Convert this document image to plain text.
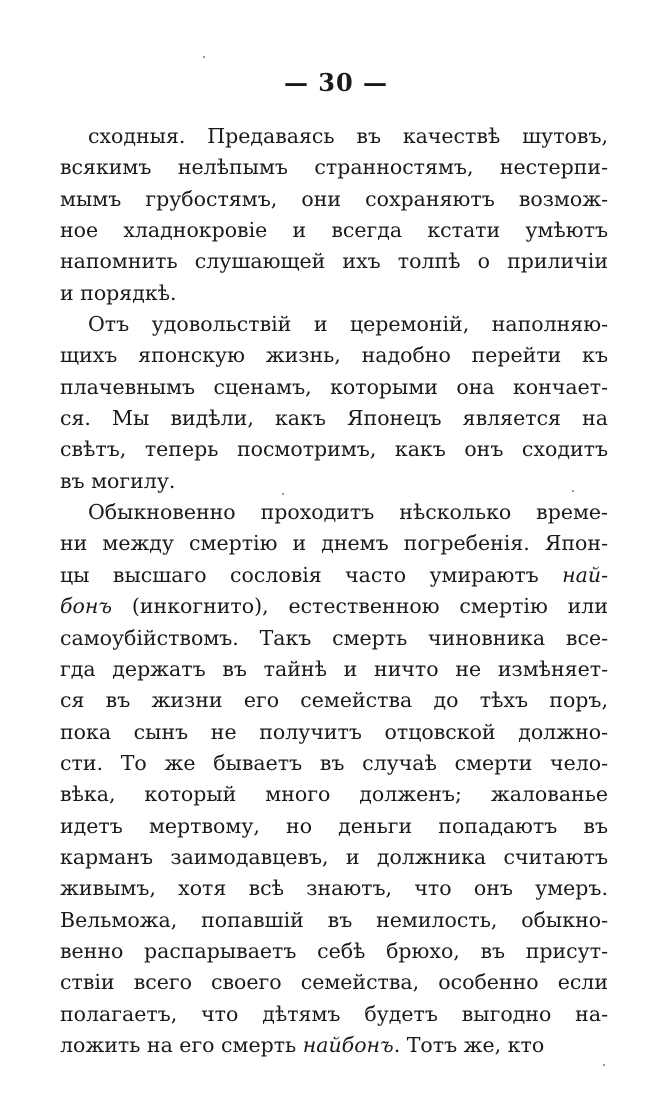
— 30 —
сходныя. Предаваясь въ качествѣ шутовъ,
всякимъ нелѣпымъ странностямъ, нестерпи-
мымъ грубостямъ, они сохраняютъ возмож-
ное хладнокровіе и всегда кстати умѣютъ
напомнить слушающей ихъ толпѣ о приличіи
и порядкѣ.
Отъ удовольствій и церемоній, наполняю-
щихъ японскую жизнь, надобно перейти къ
плачевнымъ сценамъ, которыми она кончает-
ся. Мы видѣли, какъ Японецъ является на
свѣтъ, теперь посмотримъ, какъ онъ сходитъ
въ могилу.
Обыкновенно проходитъ нѣсколько време-
ни между смертію и днемъ погребенія. Япон-
цы высшаго сословія часто умираютъ най-
бонъ (инкогнито), естественною смертію или
самоубійствомъ. Такъ смерть чиновника все-
гда держатъ въ тайнѣ и ничто не измѣняет-
ся въ жизни его семейства до тѣхъ поръ,
пока сынъ не получитъ отцовской должно-
сти. То же бываетъ въ случаѣ смерти чело-
вѣка, который много долженъ; жалованье
идетъ мертвому, но деньги попадаютъ въ
карманъ заимодавцевъ, и должника считаютъ
живымъ, хотя всѣ знаютъ, что онъ умеръ.
Вельможа, попавшій въ немилость, обыкно-
венно распарываетъ себѣ брюхо, въ присут-
ствіи всего своего семейства, особенно если
полагаетъ, что дѣтямъ будетъ выгодно на-
ложить на его смерть найбонъ. Тотъ же, кто
